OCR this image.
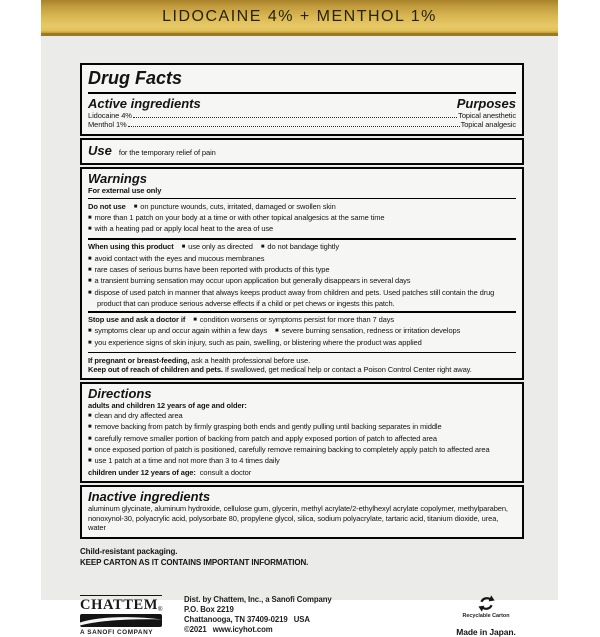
LIDOCAINE 4% + MENTHOL 1%
Drug Facts
Active ingredients	Purposes
Lidocaine 4%	Topical anesthetic
Menthol 1%	Topical analgesic
Use for the temporary relief of pain
Warnings
For external use only
Do not use ■ on puncture wounds, cuts, irritated, damaged or swollen skin
■ more than 1 patch on your body at a time or with other topical analgesics at the same time
■ with a heating pad or apply local heat to the area of use
When using this product ■ use only as directed ■ do not bandage tightly
■ avoid contact with the eyes and mucous membranes
■ rare cases of serious burns have been reported with products of this type
■ a transient burning sensation may occur upon application but generally disappears in several days
■ dispose of used patch in manner that always keeps product away from children and pets. Used patches still contain the drug product that can produce serious adverse effects if a child or pet chews or ingests this patch.
Stop use and ask a doctor if ■ condition worsens or symptoms persist for more than 7 days
■ symptoms clear up and occur again within a few days ■ severe burning sensation, redness or irritation develops
■ you experience signs of skin injury, such as pain, swelling, or blistering where the product was applied
If pregnant or breast-feeding, ask a health professional before use.
Keep out of reach of children and pets. If swallowed, get medical help or contact a Poison Control Center right away.
Directions
adults and children 12 years of age and older:
■ clean and dry affected area
■ remove backing from patch by firmly grasping both ends and gently pulling until backing separates in middle
■ carefully remove smaller portion of backing from patch and apply exposed portion of patch to affected area
■ once exposed portion of patch is positioned, carefully remove remaining backing to completely apply patch to affected area
■ use 1 patch at a time and not more than 3 to 4 times daily
children under 12 years of age: consult a doctor
Inactive ingredients
aluminum glycinate, aluminum hydroxide, cellulose gum, glycerin, methyl acrylate/2-ethylhexyl acrylate copolymer, methylparaben, nonoxynol-30, polyacrylic acid, polysorbate 80, propylene glycol, silica, sodium polyacrylate, tartaric acid, titanium dioxide, urea, water
Child-resistant packaging.
KEEP CARTON AS IT CONTAINS IMPORTANT INFORMATION.
CHATTEM®
A SANOFI COMPANY
Dist. by Chattem, Inc., a Sanofi Company
P.O. Box 2219
Chattanooga, TN 37409-0219   USA
©2021   www.icyhot.com
Recyclable Carton
Made in Japan.
